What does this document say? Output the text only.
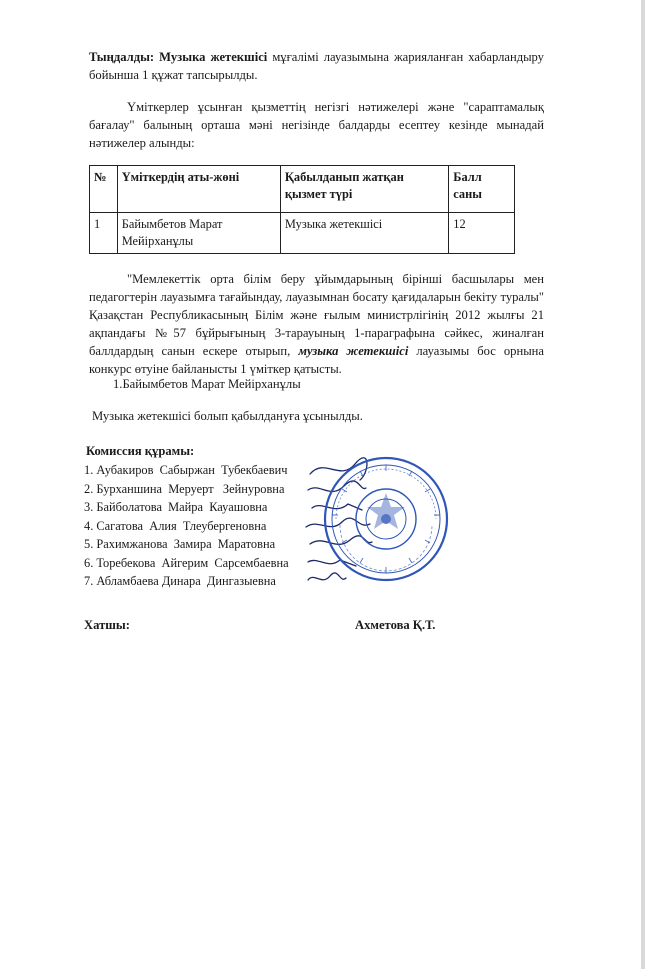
Тыңдалды: Музыка жетекшісі мұғалімі лауазымына жарияланған хабарландыру бойынша 1 құжат тапсырылды.
Үміткерлер ұсынған қызметтің негізгі нәтижелері және "сараптамалық бағалау" балының орташа мәні негізінде балдарды есептеу кезінде мынадай нәтижелер алынды:
№	Үміткердің аты-жөні	Қабылданып жатқан қызмет түрі	Балл саны
1	Байымбетов Марат Мейірханұлы	Музыка жетекшісі	12
"Мемлекеттік орта білім беру ұйымдарының бірінші басшылары мен педагогтерін лауазымға тағайындау, лауазымнан босату қағидаларын бекіту туралы" Қазақстан Республикасының Білім және ғылым министрлігінің 2012 жылғы 21 ақпандағы №57 бұйрығының 3-тарауының 1-параграфына сәйкес, жиналған баллдардың санын ескере отырып, музыка жетекшісі лауазымы бос орнына конкурс өтуіне байланысты 1 үміткер қатысты.
1.Байымбетов Марат Мейірханұлы
Музыка жетекшісі болып қабылдануға ұсынылды.
Комиссия құрамы:
1. Аубакиров  Сабыржан  Тубекбаевич
2. Бурханшина  Меруерт   Зейнуровна
3. Байболатова  Майра  Кауашовна
4. Сагатова  Алия  Тлеубергеновна
5. Рахимжанова  Замира  Маратовна
6. Торебекова  Айгерим  Сарсембаевна
7. Абламбаева Динара  Дингазыевна
Хатшы:	Ахметова Қ.Т.
